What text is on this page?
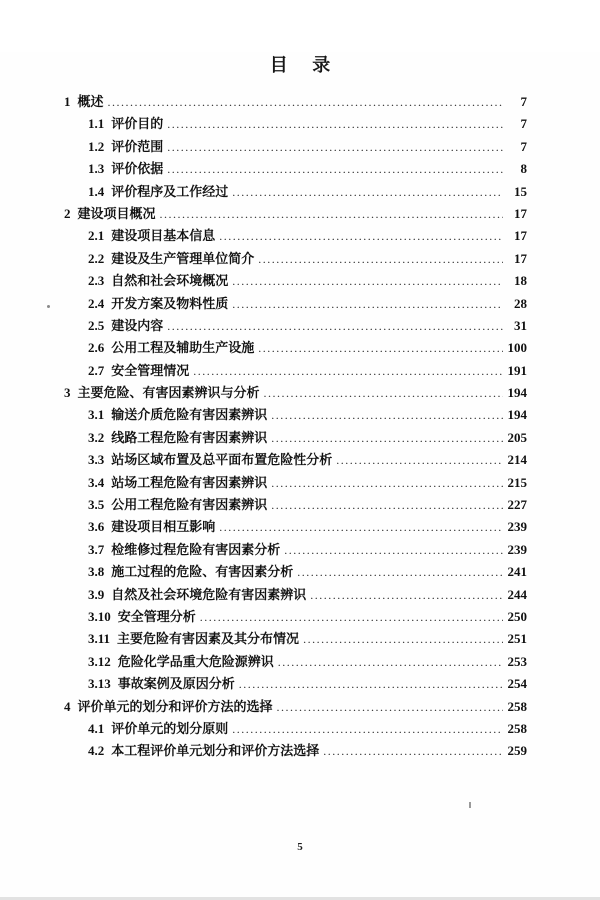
目 录
1 概述 .....	7
1.1 评价目的 .....	7
1.2 评价范围 .....	7
1.3 评价依据 .....	8
1.4 评价程序及工作经过 .....	15
2 建设项目概况 .....	17
2.1 建设项目基本信息 .....	17
2.2 建设及生产管理单位简介 .....	17
2.3 自然和社会环境概况 .....	18
2.4 开发方案及物料性质 .....	28
2.5 建设内容 .....	31
2.6 公用工程及辅助生产设施 .....	100
2.7 安全管理情况 .....	191
3 主要危险、有害因素辨识与分析 .....	194
3.1 输送介质危险有害因素辨识 .....	194
3.2 线路工程危险有害因素辨识 .....	205
3.3 站场区域布置及总平面布置危险性分析 .....	214
3.4 站场工程危险有害因素辨识 .....	215
3.5 公用工程危险有害因素辨识 .....	227
3.6 建设项目相互影响 .....	239
3.7 检维修过程危险有害因素分析 .....	239
3.8 施工过程的危险、有害因素分析 .....	241
3.9 自然及社会环境危险有害因素辨识 .....	244
3.10 安全管理分析 .....	250
3.11 主要危险有害因素及其分布情况 .....	251
3.12 危险化学品重大危险源辨识 .....	253
3.13 事故案例及原因分析 .....	254
4 评价单元的划分和评价方法的选择 .....	258
4.1 评价单元的划分原则 .....	258
4.2 本工程评价单元划分和评价方法选择 .....	259
5
